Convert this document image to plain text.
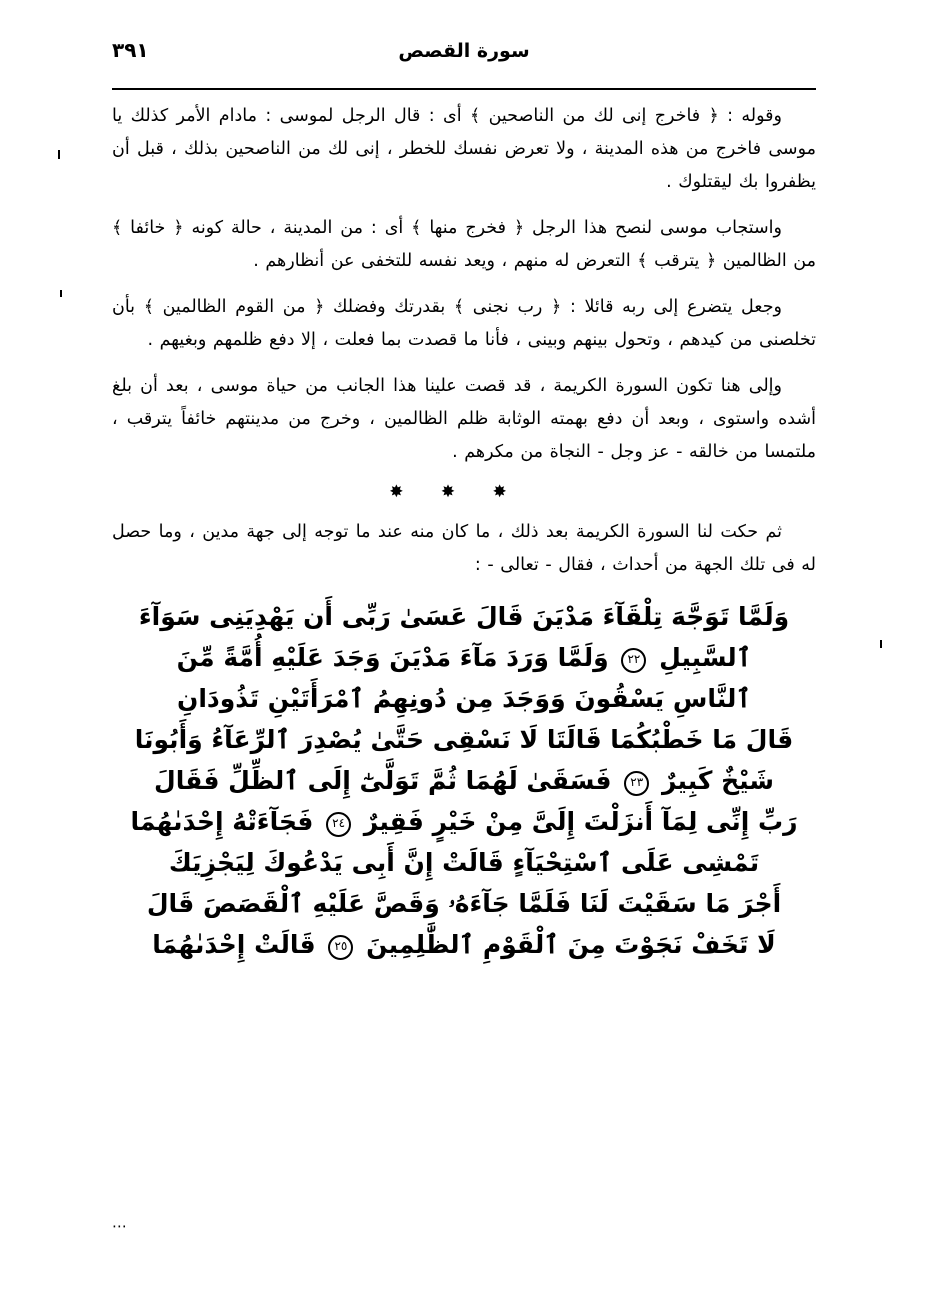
سورة القصص
٣٩١

وقوله : ﴿ فاخرج إنى لك من الناصحين ﴾ أى : قال الرجل لموسى : مادام الأمر كذلك يا موسى فاخرج من هذه المدينة ، ولا تعرض نفسك للخطر ، إنى لك من الناصحين بذلك ، قبل أن يظفروا بك ليقتلوك .

واستجاب موسى لنصح هذا الرجل ﴿ فخرج منها ﴾ أى : من المدينة ، حالة كونه ﴿ خائفا ﴾ من الظالمين ﴿ يترقب ﴾ التعرض له منهم ، ويعد نفسه للتخفى عن أنظارهم .

وجعل يتضرع إلى ربه قائلا : ﴿ رب نجنى ﴾ بقدرتك وفضلك ﴿ من القوم الظالمين ﴾ بأن تخلصنى من كيدهم ، وتحول بينهم وبينى ، فأنا ما قصدت بما فعلت ، إلا دفع ظلمهم وبغيهم .

وإلى هنا تكون السورة الكريمة ، قد قصت علينا هذا الجانب من حياة موسى ، بعد أن بلغ أشده واستوى ، وبعد أن دفع بهمته الوثابة ظلم الظالمين ، وخرج من مدينتهم خائفاً يترقب ، ملتمسا من خالقه - عز وجل - النجاة من مكرهم .

✸ ✸ ✸

ثم حكت لنا السورة الكريمة بعد ذلك ، ما كان منه عند ما توجه إلى جهة مدين ، وما حصل له فى تلك الجهة من أحداث ، فقال - تعالى - :

وَلَمَّا تَوَجَّهَ تِلْقَآءَ مَدْيَنَ قَالَ عَسَىٰ رَبِّى أَن يَهْدِيَنِى سَوَآءَ
ٱلسَّبِيلِ ٢٢ وَلَمَّا وَرَدَ مَآءَ مَدْيَنَ وَجَدَ عَلَيْهِ أُمَّةً مِّنَ
ٱلنَّاسِ يَسْقُونَ وَوَجَدَ مِن دُونِهِمُ ٱمْرَأَتَيْنِ تَذُودَانِ
قَالَ مَا خَطْبُكُمَا قَالَتَا لَا نَسْقِى حَتَّىٰ يُصْدِرَ ٱلرِّعَآءُ وَأَبُونَا
شَيْخٌ كَبِيرٌ ٢٣ فَسَقَىٰ لَهُمَا ثُمَّ تَوَلَّىٰٓ إِلَى ٱلظِّلِّ فَقَالَ
رَبِّ إِنِّى لِمَآ أَنزَلْتَ إِلَىَّ مِنْ خَيْرٍ فَقِيرٌ ٢٤ فَجَآءَتْهُ إِحْدَىٰهُمَا
تَمْشِى عَلَى ٱسْتِحْيَآءٍ قَالَتْ إِنَّ أَبِى يَدْعُوكَ لِيَجْزِيَكَ
أَجْرَ مَا سَقَيْتَ لَنَا فَلَمَّا جَآءَهُۥ وَقَصَّ عَلَيْهِ ٱلْقَصَصَ قَالَ
لَا تَخَفْ نَجَوْتَ مِنَ ٱلْقَوْمِ ٱلظَّٰلِمِينَ ٢٥ قَالَتْ إِحْدَىٰهُمَا
⋯
